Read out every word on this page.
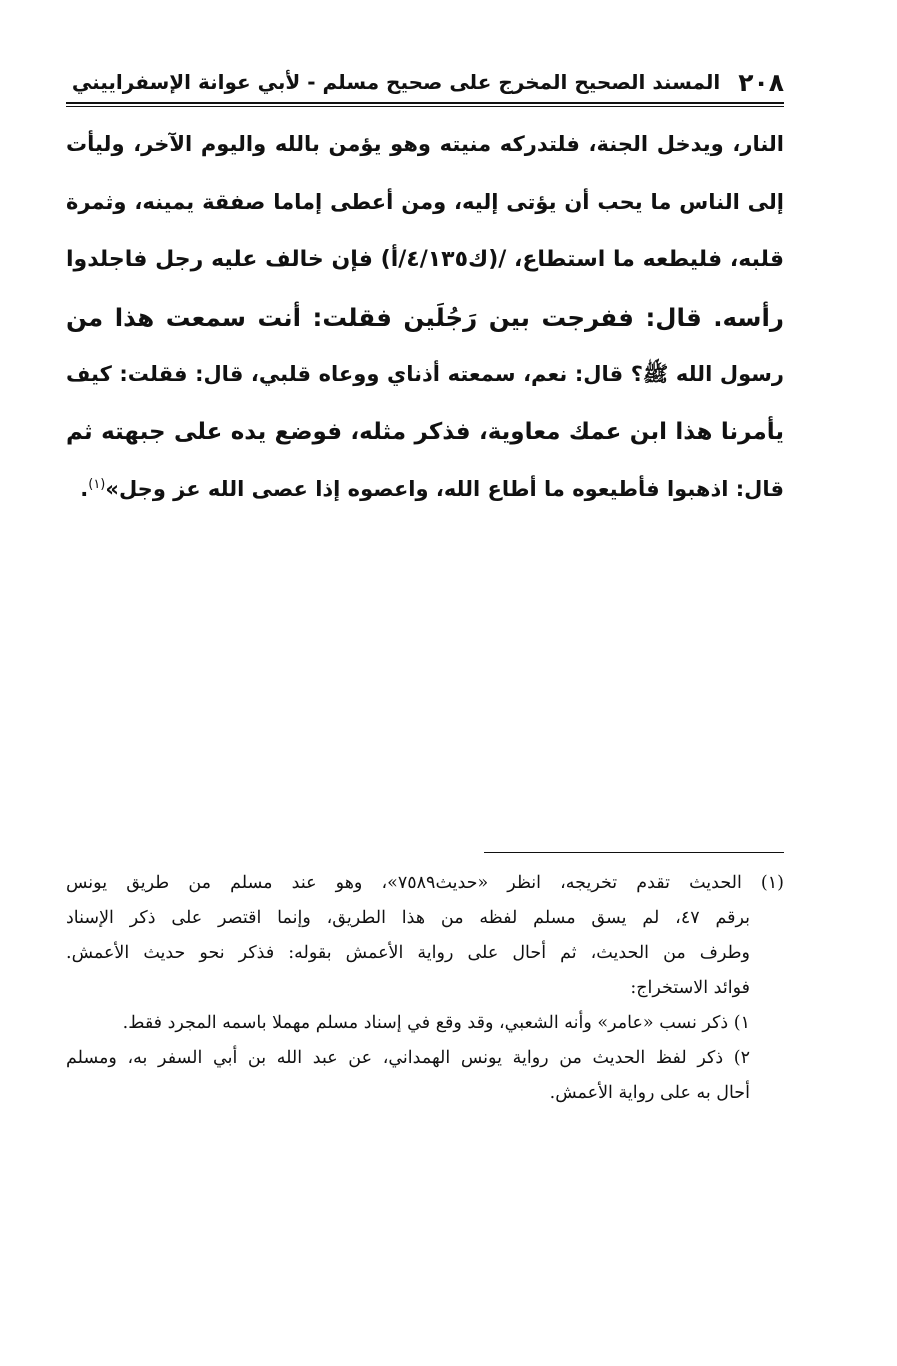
٢٠٨
المسند الصحيح المخرج على صحيح مسلم - لأبي عوانة الإسفراييني
النار، ويدخل الجنة، فلتدركه منيته وهو يؤمن بالله واليوم الآخر، وليأت
إلى الناس ما يحب أن يؤتى إليه، ومن أعطى إماما صفقة يمينه، وثمرة
قلبه، فليطعه ما استطاع، /(ك٤/١٣٥/أ) فإن خالف عليه رجل فاجلدوا
رأسه. قال: ففرجت بين رَجُلَين فقلت: أنت سمعت هذا من
رسول الله ﷺ؟ قال: نعم، سمعته أذناي ووعاه قلبي، قال: فقلت: كيف
يأمرنا هذا ابن عمك معاوية، فذكر مثله، فوضع يده على جبهته ثم
قال: اذهبوا فأطيعوه ما أطاع الله، واعصوه إذا عصى الله عز وجل»$^{(١)}$.
(١) الحديث تقدم تخريجه، انظر «حديث٧٥٨٩»، وهو عند مسلم من طريق يونس
برقم ٤٧، لم يسق مسلم لفظه من هذا الطريق، وإنما اقتصر على ذكر الإسناد
وطرف من الحديث، ثم أحال على رواية الأعمش بقوله: فذكر نحو حديث الأعمش.
فوائد الاستخراج:
١) ذكر نسب «عامر» وأنه الشعبي، وقد وقع في إسناد مسلم مهملا باسمه المجرد فقط.
٢) ذكر لفظ الحديث من رواية يونس الهمداني، عن عبد الله بن أبي السفر به، ومسلم
أحال به على رواية الأعمش.
